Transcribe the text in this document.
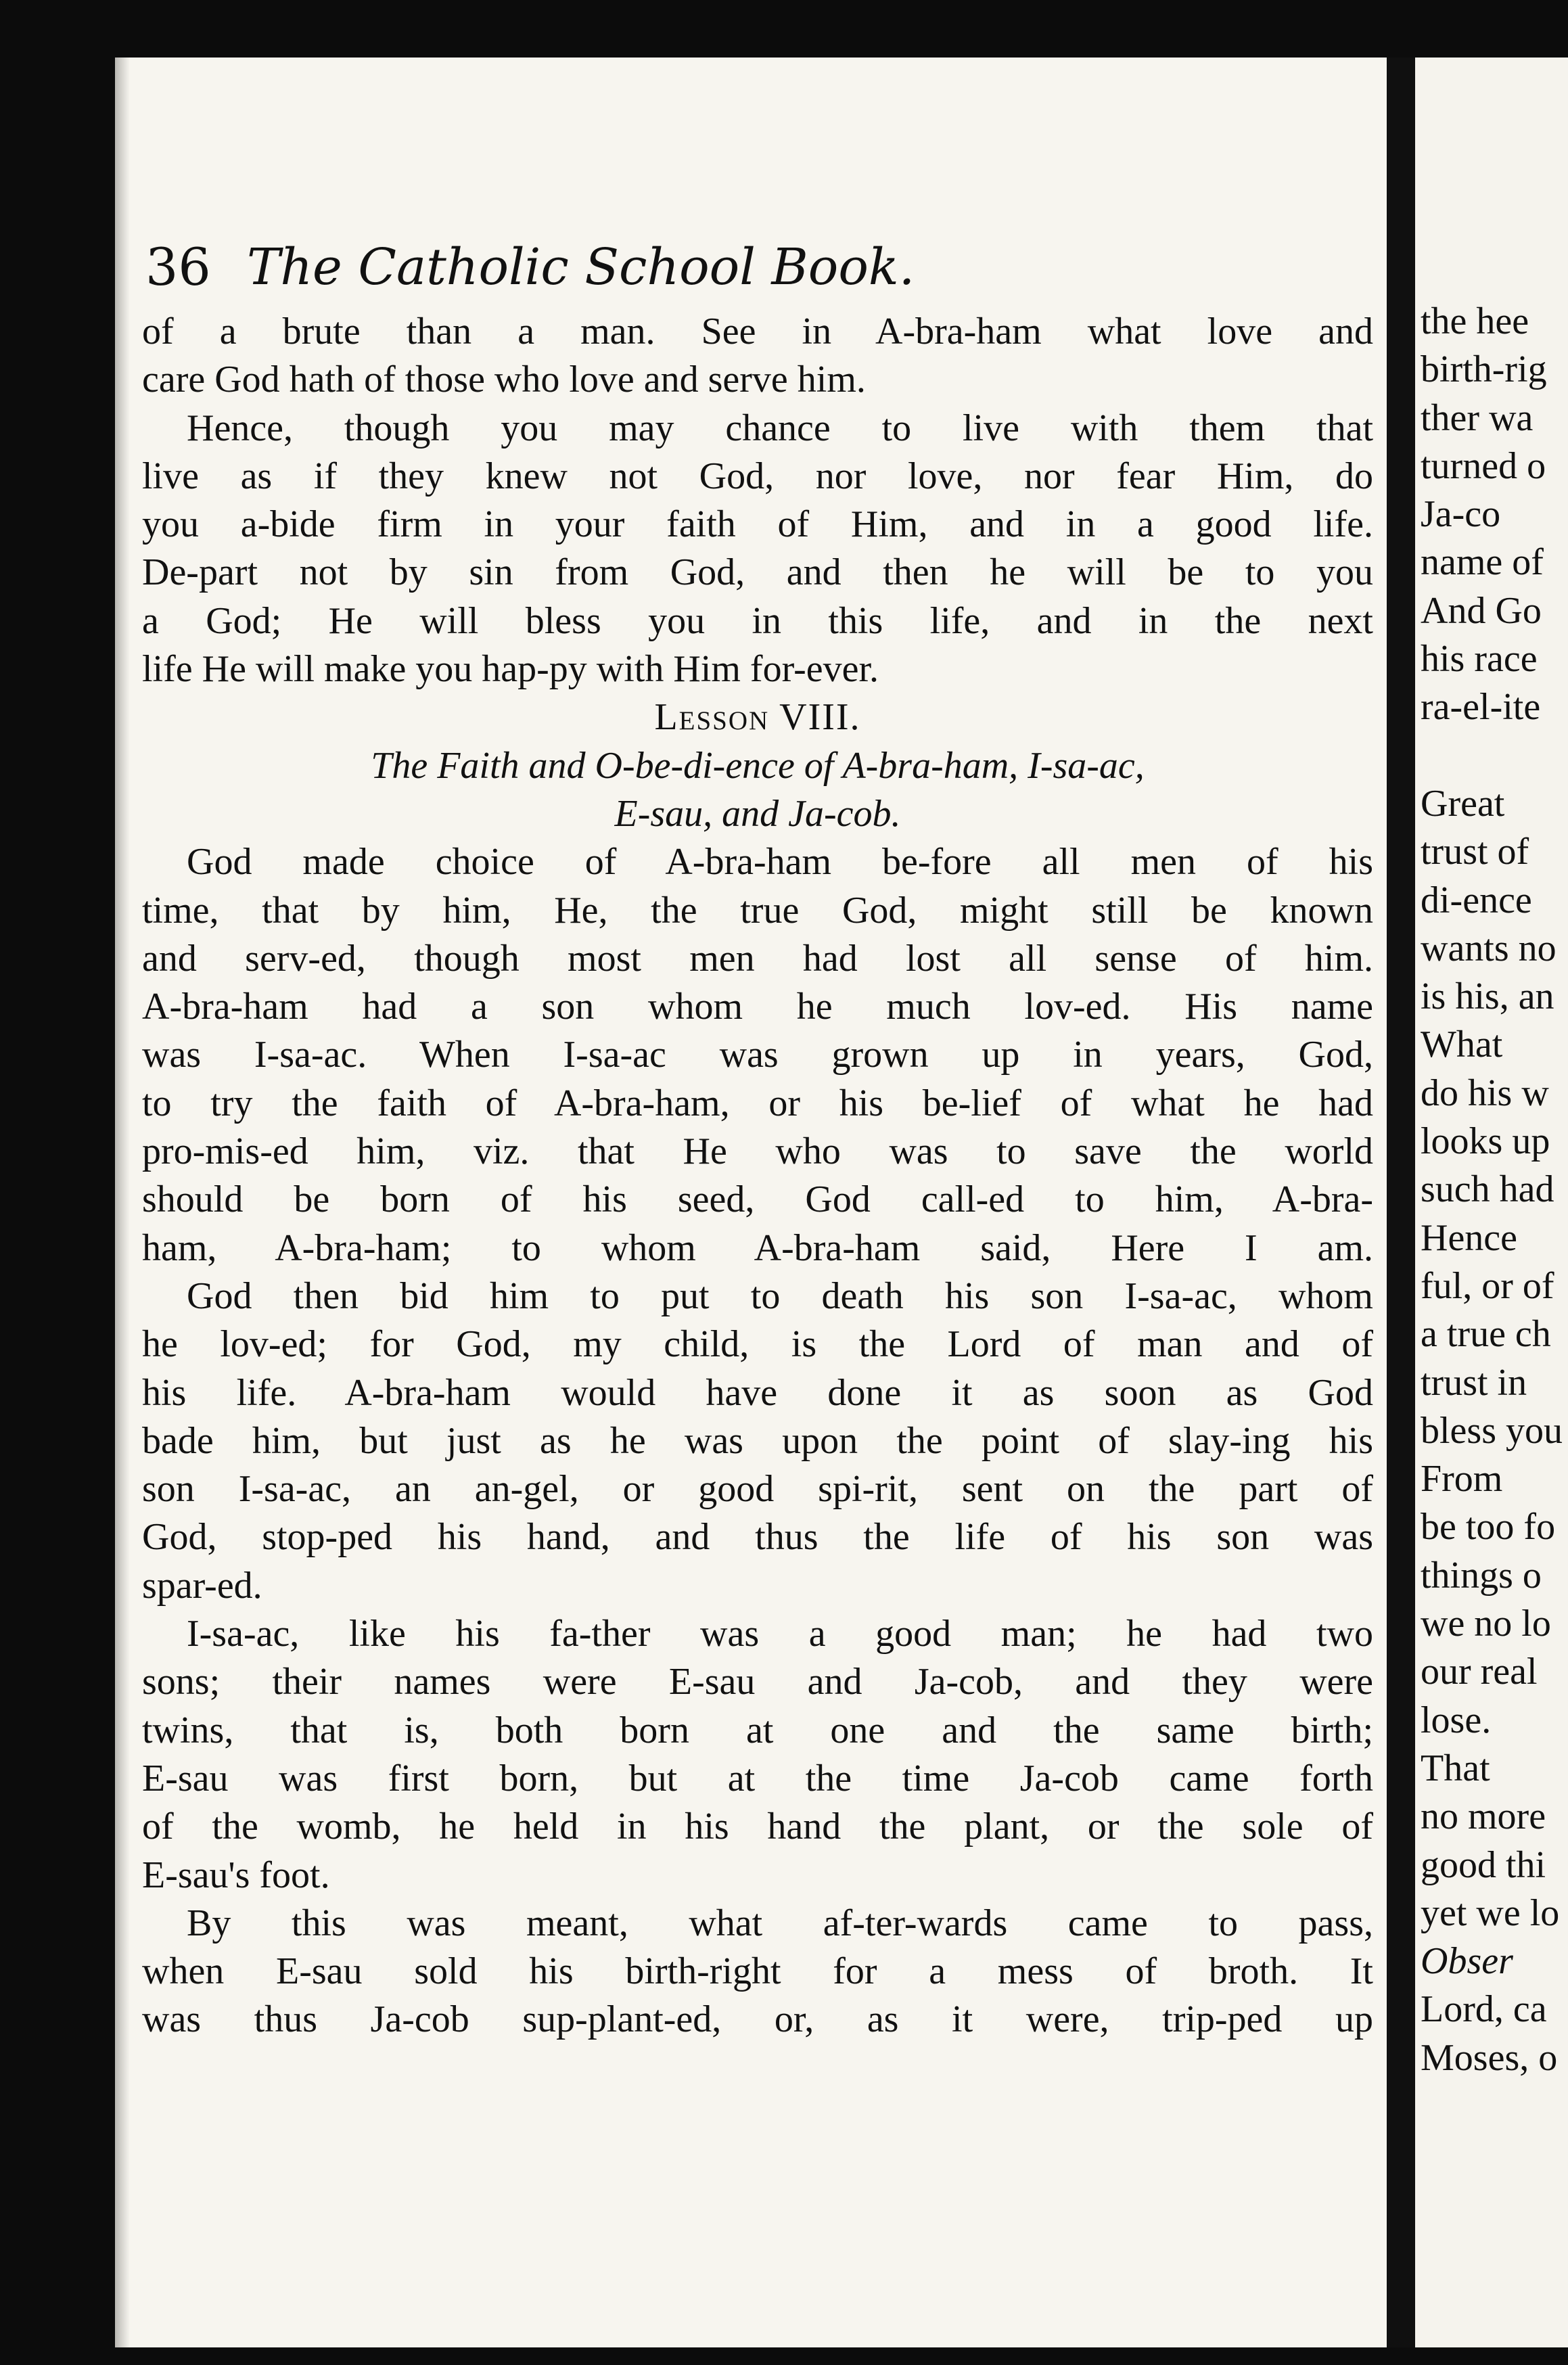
36 The Catholic School Book.

of a brute than a man. See in A-bra-ham what love and

care God hath of those who love and serve him.

Hence, though you may chance to live with them that

live as if they knew not God, nor love, nor fear Him, do

you a-bide firm in your faith of Him, and in a good life.

De-part not by sin from God, and then he will be to you

a God; He will bless you in this life, and in the next

life He will make you hap-py with Him for-ever.

Lesson VIII.

The Faith and O-be-di-ence of A-bra-ham, I-sa-ac,

E-sau, and Ja-cob.

God made choice of A-bra-ham be-fore all men of his

time, that by him, He, the true God, might still be known

and serv-ed, though most men had lost all sense of him.

A-bra-ham had a son whom he much lov-ed. His name

was I-sa-ac. When I-sa-ac was grown up in years, God,

to try the faith of A-bra-ham, or his be-lief of what he had

pro-mis-ed him, viz. that He who was to save the world

should be born of his seed, God call-ed to him, A-bra-

ham, A-bra-ham; to whom A-bra-ham said, Here I am.

God then bid him to put to death his son I-sa-ac, whom

he lov-ed; for God, my child, is the Lord of man and of

his life. A-bra-ham would have done it as soon as God

bade him, but just as he was upon the point of slay-ing his

son I-sa-ac, an an-gel, or good spi-rit, sent on the part of

God, stop-ped his hand, and thus the life of his son was

spar-ed.

I-sa-ac, like his fa-ther was a good man; he had two

sons; their names were E-sau and Ja-cob, and they were

twins, that is, both born at one and the same birth;

E-sau was first born, but at the time Ja-cob came forth

of the womb, he held in his hand the plant, or the sole of

E-sau's foot.

By this was meant, what af-ter-wards came to pass,

when E-sau sold his birth-right for a mess of broth. It

was thus Ja-cob sup-plant-ed, or, as it were, trip-ped up

the hee
birth-rig
ther wa
turned o
Ja-co
name of
And Go
his race
ra-el-ite
Great
trust of
di-ence
wants no
is his, an
What
do his w
looks up
such had
Hence
ful, or of
a true ch
trust in
bless you
From
be too fo
things o
we no lo
our real
lose.
That
no more
good thi
yet we lo
Obser
Lord, ca
Moses, o
